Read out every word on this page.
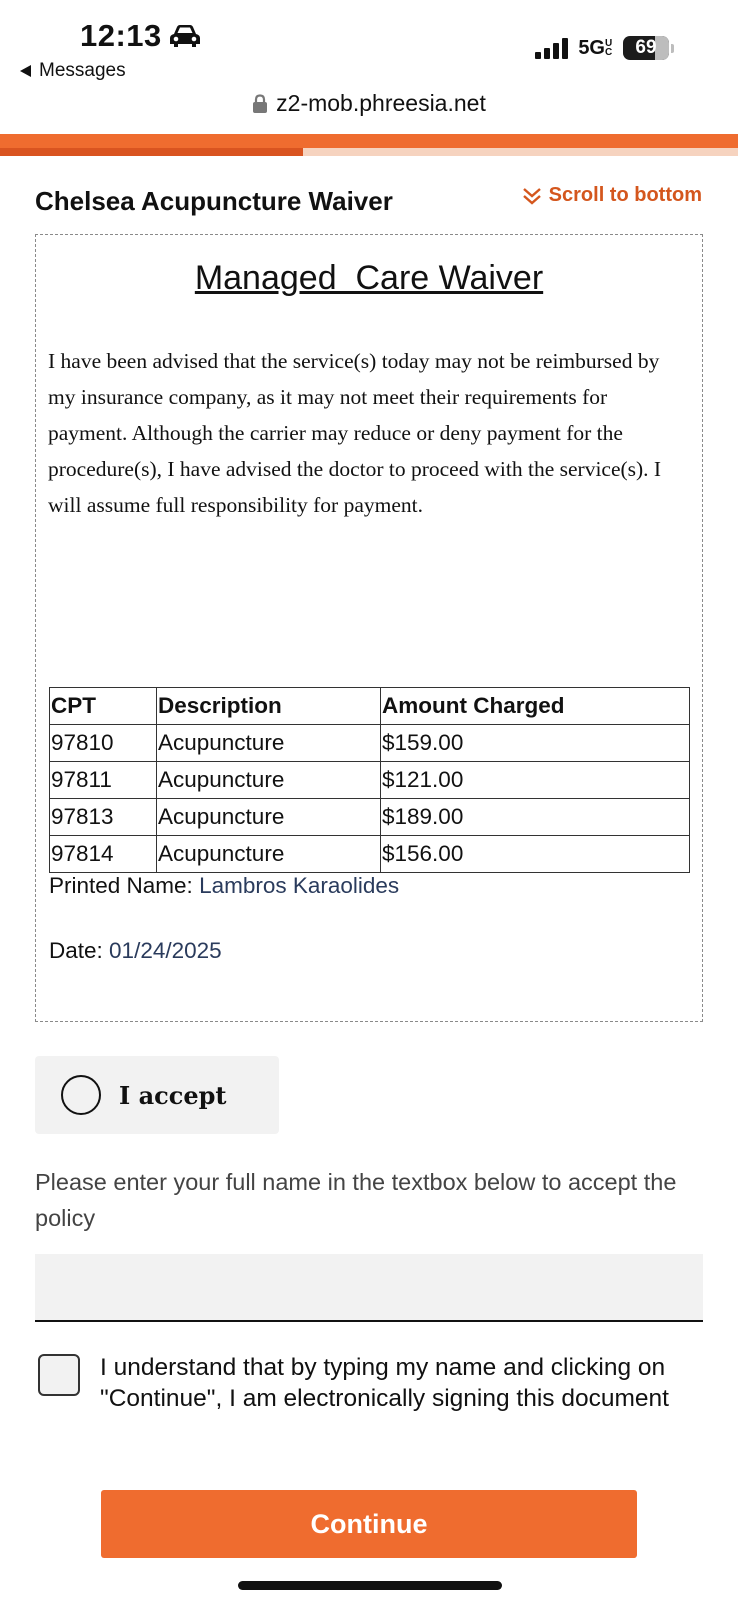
12:13
Messages
5GUC 69
z2-mob.phreesia.net
Chelsea Acupuncture Waiver	Scroll to bottom
Managed  Care Waiver
I have been advised that the service(s) today may not be reimbursed by my insurance company, as it may not meet their requirements for payment. Although the carrier may reduce or deny payment for the procedure(s), I have advised the doctor to proceed with the service(s). I will assume full responsibility for payment.
CPT	Description	Amount Charged
97810	Acupuncture	$159.00
97811	Acupuncture	$121.00
97813	Acupuncture	$189.00
97814	Acupuncture	$156.00
Printed Name: Lambros Karaolides
Date: 01/24/2025
I accept
Please enter your full name in the textbox below to accept the policy
I understand that by typing my name and clicking on "Continue", I am electronically signing this document
Continue
